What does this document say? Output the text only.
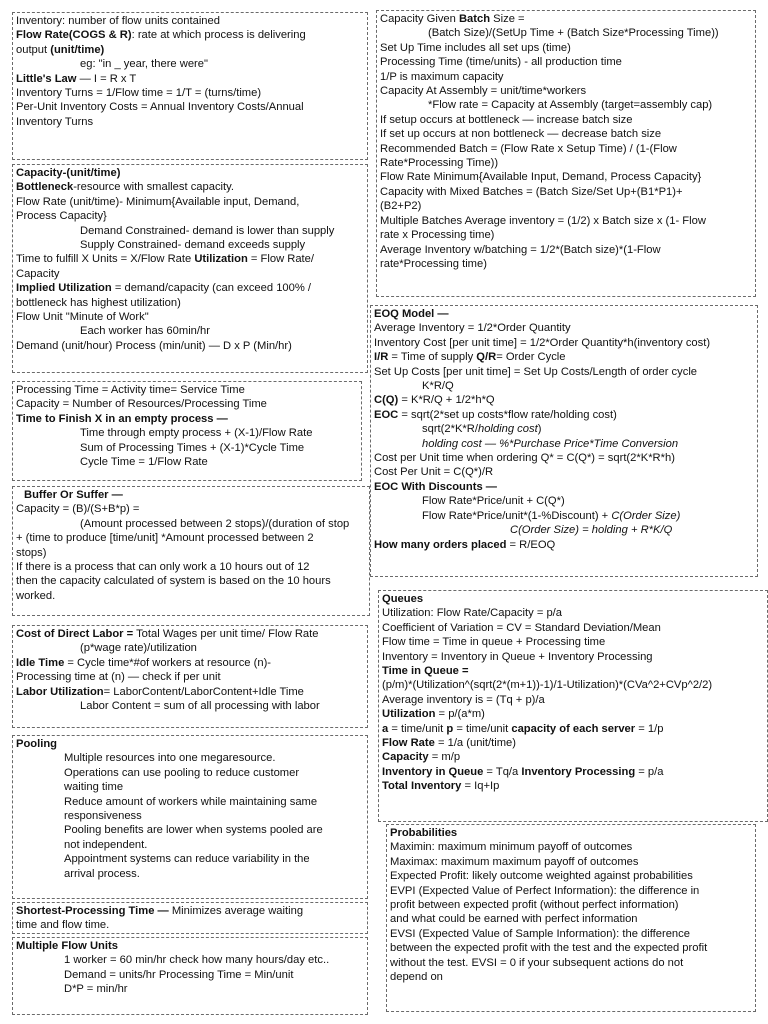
Inventory: number of flow units contained
Flow Rate(COGS & R): rate at which process is delivering
output (unit/time)
eg: "in _ year, there were"
Little's Law — I = R x T
Inventory Turns = 1/Flow time = 1/T = (turns/time)
Per-Unit Inventory Costs = Annual Inventory Costs/Annual
Inventory Turns
Capacity-(unit/time)
Bottleneck-resource with smallest capacity.
Flow Rate (unit/time)- Minimum{Available input, Demand,
Process Capacity}
Demand Constrained- demand is lower than supply
Supply Constrained- demand exceeds supply
Time to fulfill X Units = X/Flow Rate Utilization = Flow Rate/
Capacity
Implied Utilization = demand/capacity (can exceed 100% /
bottleneck has highest utilization)
Flow Unit "Minute of Work"
Each worker has 60min/hr
Demand (unit/hour) Process (min/unit) — D x P (Min/hr)
Processing Time = Activity time= Service Time
Capacity = Number of Resources/Processing Time
Time to Finish X in an empty process —
Time through empty process + (X-1)/Flow Rate
Sum of Processing Times + (X-1)*Cycle Time
Cycle Time = 1/Flow Rate
Buffer Or Suffer —
Capacity = (B)/(S+B*p) =
(Amount processed between 2 stops)/(duration of stop
+ (time to produce [time/unit] *Amount processed between 2
stops)
If there is a process that can only work a 10 hours out of 12
then the capacity calculated of system is based on the 10 hours
worked.
Cost of Direct Labor = Total Wages per unit time/ Flow Rate
(p*wage rate)/utilization
Idle Time = Cycle time*#of workers at resource (n)-
Processing time at (n) — check if per unit
Labor Utilization= LaborContent/LaborContent+Idle Time
Labor Content = sum of all processing with labor
Pooling
Multiple resources into one megaresource.
Operations can use pooling to reduce customer
waiting time
Reduce amount of workers while maintaining same
responsiveness
Pooling benefits are lower when systems pooled are
not independent.
Appointment systems can reduce variability in the
arrival process.
Shortest-Processing Time — Minimizes average waiting
time and flow time.
Multiple Flow Units
1 worker = 60 min/hr check how many hours/day etc..
Demand = units/hr Processing Time = Min/unit
D*P = min/hr
Capacity Given Batch Size =
(Batch Size)/(SetUp Time + (Batch Size*Processing Time))
Set Up Time includes all set ups (time)
Processing Time (time/units) - all production time
1/P is maximum capacity
Capacity At Assembly = unit/time*workers
*Flow rate = Capacity at Assembly (target=assembly cap)
If setup occurs at bottleneck — increase batch size
If set up occurs at non bottleneck — decrease batch size
Recommended Batch = (Flow Rate x Setup Time) / (1-(Flow
Rate*Processing Time))
Flow Rate Minimum{Available Input, Demand, Process Capacity}
Capacity with Mixed Batches = (Batch Size/Set Up+(B1*P1)+
(B2+P2)
Multiple Batches Average inventory = (1/2) x Batch size x (1- Flow
rate x Processing time)
Average Inventory w/batching = 1/2*(Batch size)*(1-Flow
rate*Processing time)
EOQ Model —
Average Inventory = 1/2*Order Quantity
Inventory Cost [per unit time] = 1/2*Order Quantity*h(inventory cost)
I/R = Time of supply Q/R= Order Cycle
Set Up Costs [per unit time] = Set Up Costs/Length of order cycle
K*R/Q
C(Q) = K*R/Q + 1/2*h*Q
EOC = sqrt(2*set up costs*flow rate/holding cost)
sqrt(2*K*R/holding cost)
holding cost — %*Purchase Price*Time Conversion
Cost per Unit time when ordering Q* = C(Q*) = sqrt(2*K*R*h)
Cost Per Unit = C(Q*)/R
EOC With Discounts —
Flow Rate*Price/unit + C(Q*)
Flow Rate*Price/unit*(1-%Discount) + C(Order Size)
C(Order Size) = holding + R*K/Q
How many orders placed = R/EOQ
Queues
Utilization: Flow Rate/Capacity = p/a
Coefficient of Variation = CV = Standard Deviation/Mean
Flow time = Time in queue + Processing time
Inventory = Inventory in Queue + Inventory Processing
Time in Queue =
(p/m)*(Utilization^(sqrt(2*(m+1))-1)/1-Utilization)*(CVa^2+CVp^2/2)
Average inventory is = (Tq + p)/a
Utilization = p/(a*m)
a = time/unit p = time/unit capacity of each server = 1/p
Flow Rate = 1/a (unit/time)
Capacity = m/p
Inventory in Queue = Tq/a Inventory Processing = p/a
Total Inventory = Iq+Ip
Probabilities
Maximin: maximum minimum payoff of outcomes
Maximax: maximum maximum payoff of outcomes
Expected Profit: likely outcome weighted against probabilities
EVPI (Expected Value of Perfect Information): the difference in
profit between expected profit (without perfect information)
and what could be earned with perfect information
EVSI (Expected Value of Sample Information): the difference
between the expected profit with the test and the expected profit
without the test. EVSI = 0 if your subsequent actions do not
depend on
